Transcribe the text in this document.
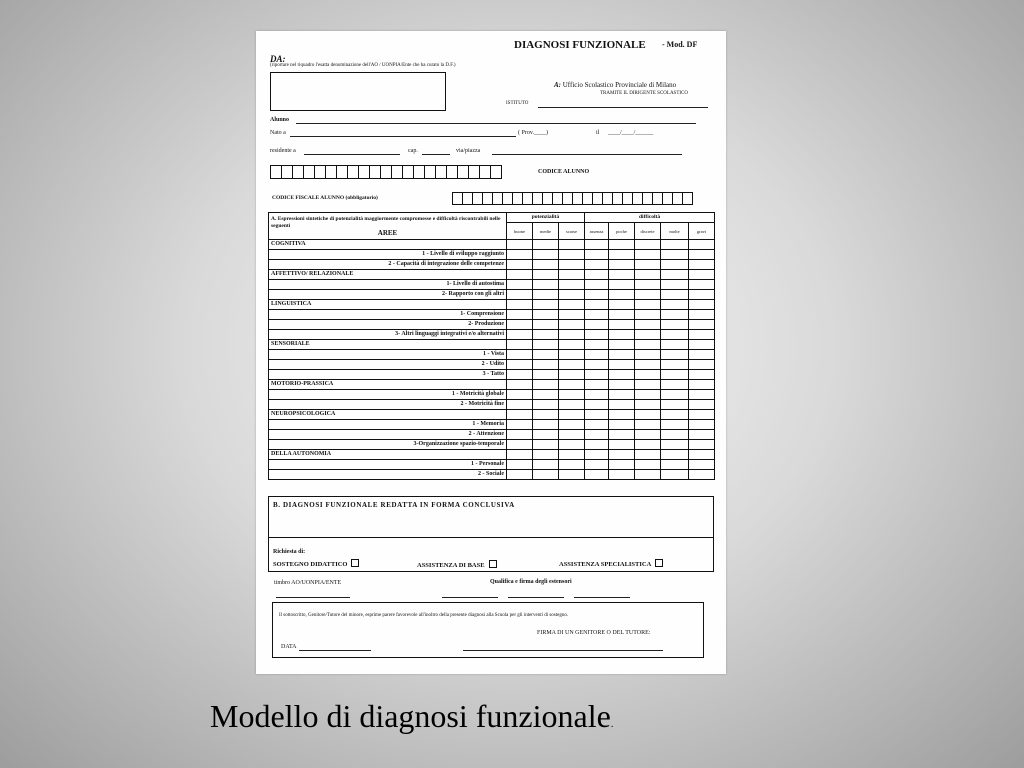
DIAGNOSI FUNZIONALE - Mod. DF
DA:
(riportare nel riquadro l'esatta denominazione dell'AO / UONPIA/Ente che ha curato la D.F.)
A: Ufficio Scolastico Provinciale di Milano
TRAMITE IL DIRIGENTE SCOLASTICO
ISTITUTO
Alunno
Nato a	( Prov.____)	il ____/____/______
residente a	cap.	via/piazza
CODICE ALUNNO
CODICE FISCALE ALUNNO (obbligatorio)
A. Espressioni sintetiche di potenzialità maggiormente compromesse e difficoltà riscontrabili nelle seguenti
AREE	potenzialità			difficoltà				
	buone	medie	scarse	assenza	poche	discrete	molte	gravi
COGNITIVA								
1 - Livello di sviluppo raggiunto								
2 - Capacità di integrazione delle competenze								
AFFETTIVO/ RELAZIONALE								
1- Livello di autostima								
2- Rapporto con gli altri								
LINGUISTICA								
1- Comprensione								
2- Produzione								
3- Altri linguaggi integrativi e/o alternativi								
SENSORIALE								
1 - Vista								
2 - Udito								
3 - Tatto								
MOTORIO-PRASSICA								
1 - Motricità globale								
2 - Motricità fine								
NEUROPSICOLOGICA								
1 - Memoria								
2 - Attenzione								
3-Organizzazione spazio-temporale								
DELLA AUTONOMIA								
1 - Personale								
2 - Sociale								
B. DIAGNOSI FUNZIONALE REDATTA IN FORMA CONCLUSIVA
Richiesta di:
SOSTEGNO DIDATTICO	ASSISTENZA DI BASE	ASSISTENZA SPECIALISTICA
timbro AO/UONPIA/ENTE	Qualifica e firma degli estensori
Il sottoscritto, Genitore/Tutore del minore, esprime parere favorevole all'inoltro della presente diagnosi alla Scuola per gli interventi di sostegno.
FIRMA DI UN GENITORE O DEL TUTORE:
DATA
Modello di diagnosi funzionale.
